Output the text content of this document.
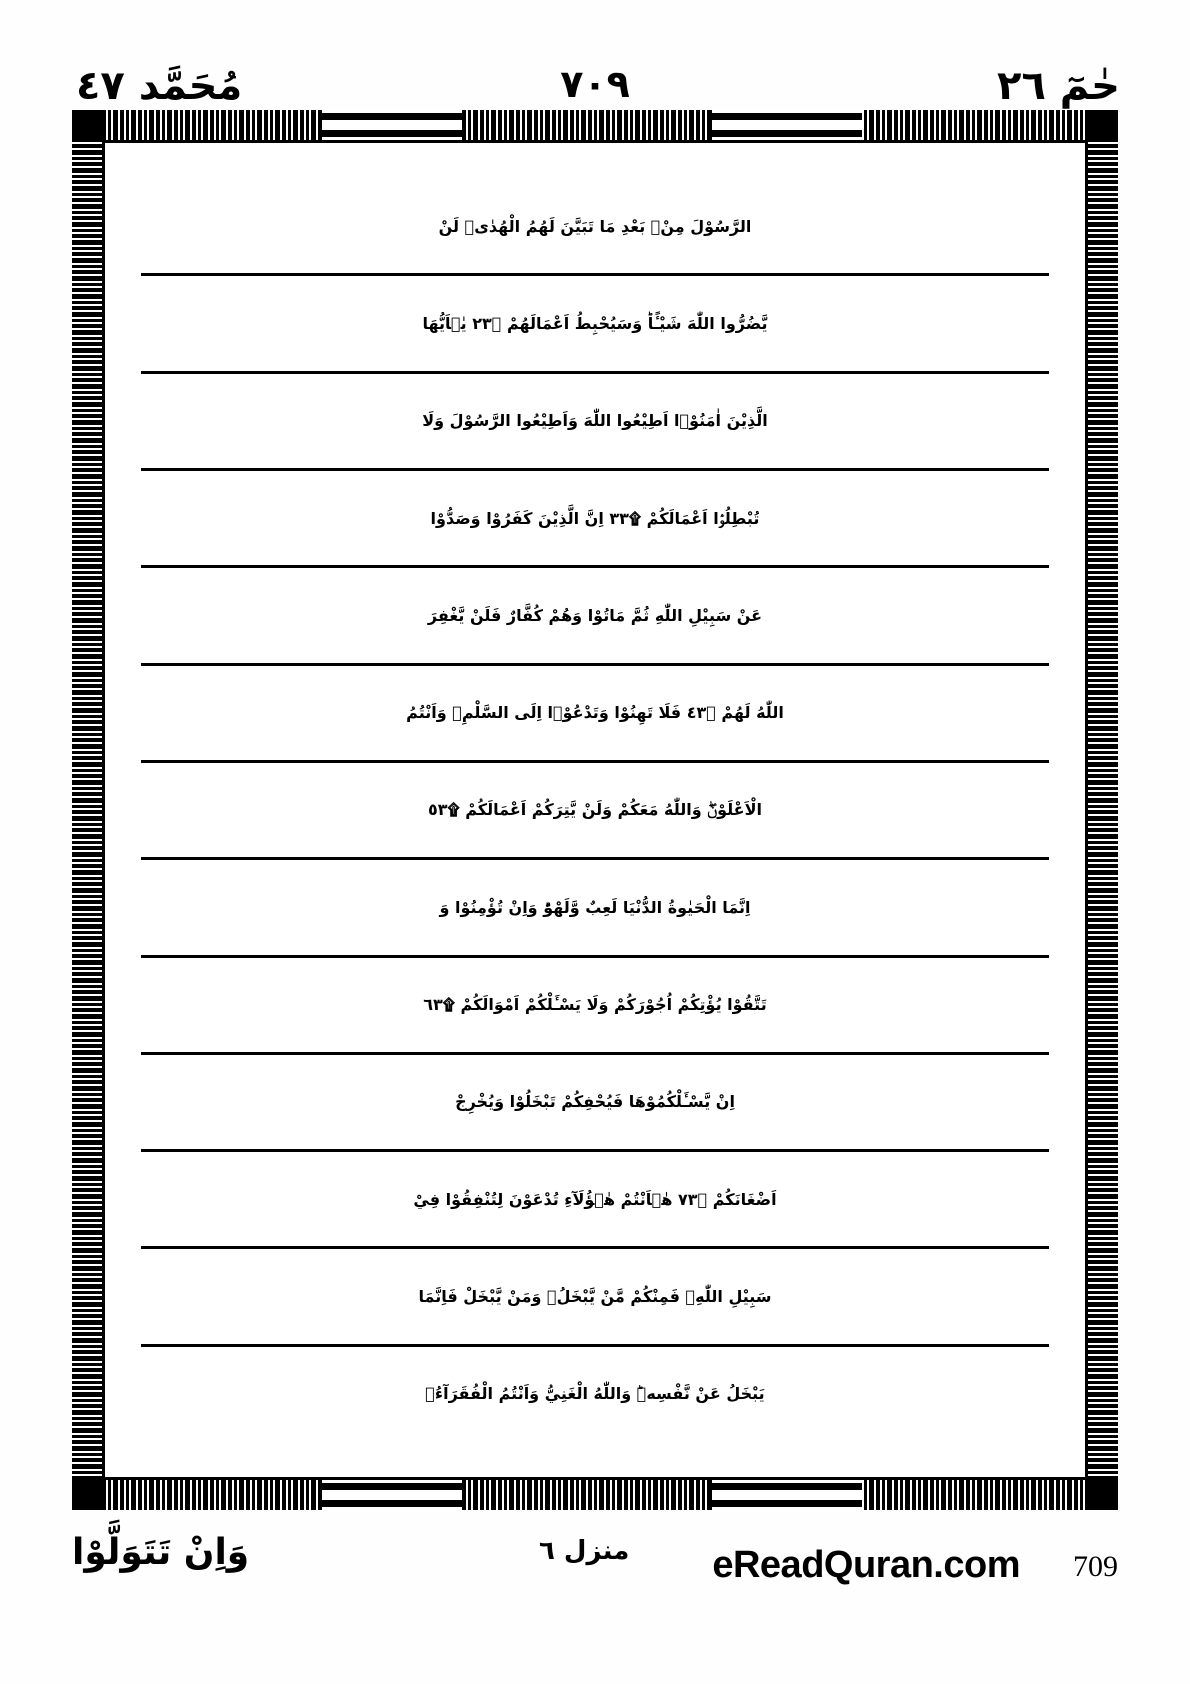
مُحَمَّد ٤٧	٧٠٩	حٰمٓ ٢٦
الرَّسُوْلَ مِنْۢ بَعْدِ مَا تَبَيَّنَ لَهُمُ الْهُدٰىۙ لَنْ
يَّضُرُّوا اللّٰهَ شَيْـًٔاؕ وَسَيُحْبِطُ اَعْمَالَهُمْ ۩٣٢ يٰۤاَيُّهَا
الَّذِيْنَ اٰمَنُوْۤا اَطِيْعُوا اللّٰهَ وَاَطِيْعُوا الرَّسُوْلَ وَلَا
تُبْطِلُوْۤا اَعْمَالَكُمْ ۩٣٣ اِنَّ الَّذِيْنَ كَفَرُوْا وَصَدُّوْا
عَنْ سَبِيْلِ اللّٰهِ ثُمَّ مَاتُوْا وَهُمْ كُفَّارٌ فَلَنْ يَّغْفِرَ
اللّٰهُ لَهُمْ ۩٣٤ فَلَا تَهِنُوْا وَتَدْعُوْۤا اِلَى السَّلْمِۖ وَاَنْتُمُ
الْاَعْلَوْنَۖ وَاللّٰهُ مَعَكُمْ وَلَنْ يَّتِرَكُمْ اَعْمَالَكُمْ ۩٣٥
اِنَّمَا الْحَيٰوةُ الدُّنْيَا لَعِبٌ وَّلَهْوٌؕ وَاِنْ تُؤْمِنُوْا وَ
تَتَّقُوْا يُؤْتِكُمْ اُجُوْرَكُمْ وَلَا يَسْـَٔلْكُمْ اَمْوَالَكُمْ ۩٣٦
اِنْ يَّسْـَٔلْكُمُوْهَا فَيُحْفِكُمْ تَبْخَلُوْا وَيُخْرِجْ
اَضْغَانَكُمْ ۩٣٧ هٰۤاَنْتُمْ هٰۤؤُلَآءِ تُدْعَوْنَ لِتُنْفِقُوْا فِيْ
سَبِيْلِ اللّٰهِۚ فَمِنْكُمْ مَّنْ يَّبْخَلُۚ وَمَنْ يَّبْخَلْ فَاِنَّمَا
يَبْخَلُ عَنْ نَّفْسِهٖؕ وَاللّٰهُ الْغَنِيُّ وَاَنْتُمُ الْفُقَرَآءُۚ
وَاِنْ تَتَوَلَّوْا	منزل ٦ eReadQuran.com 709
